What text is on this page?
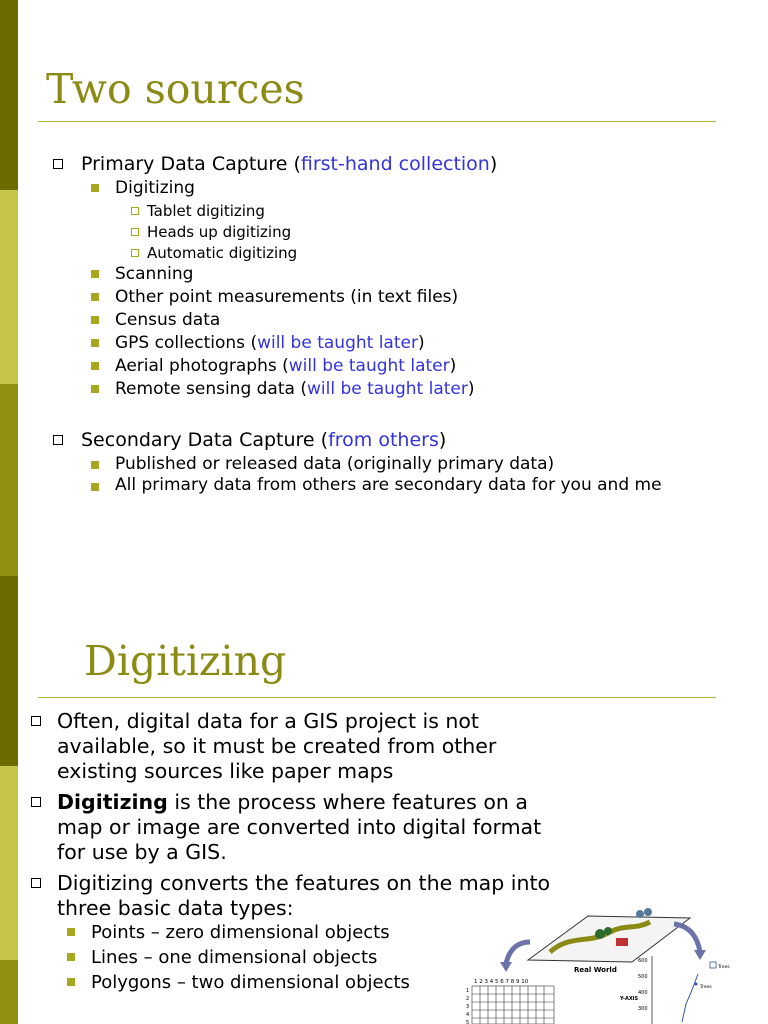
Two sources
Primary Data Capture (first-hand collection)
Digitizing
Tablet digitizing
Heads up digitizing
Automatic digitizing
Scanning
Other point measurements (in text files)
Census data
GPS collections (will be taught later)
Aerial photographs (will be taught later)
Remote sensing data (will be taught later)
Secondary Data Capture (from others)
Published or released data (originally primary data)
All primary data from others are secondary data for you and me
Digitizing
Often, digital data for a GIS project is not available, so it must be created from other existing sources like paper maps
Digitizing is the process where features on a map or image are converted into digital format for use by a GIS.
Digitizing converts the features on the map into three basic data types:
Points – zero dimensional objects
Lines – one dimensional objects
Polygons – two dimensional objects
Real World
1 2 3 4 5 6 7 8 9 10
1
2
3
4
5
600
500
400
300
Y-AXIS
Trees
Trees
